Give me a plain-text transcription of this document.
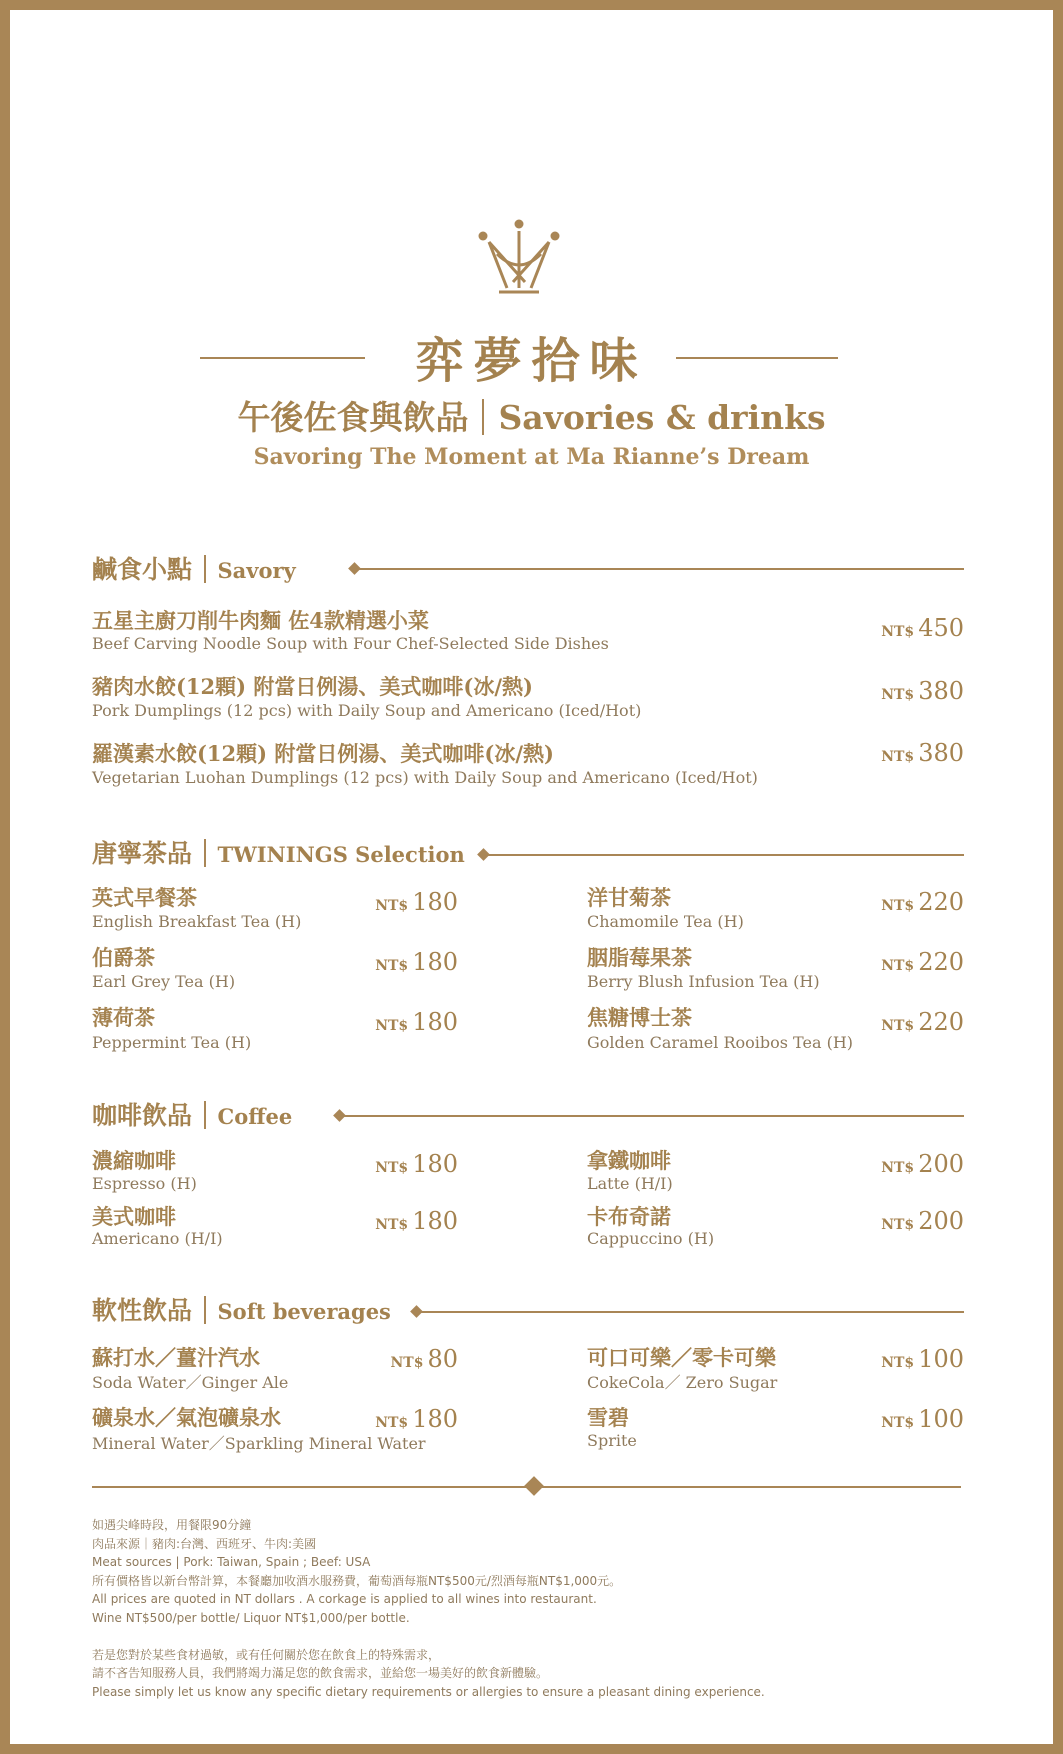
弈夢拾味
午後佐食與飲品 Savories & drinks
Savoring The Moment at Ma Rianne’s Dream
鹹食小點 Savory
五星主廚刀削牛肉麵 佐4款精選小菜
Beef Carving Noodle Soup with Four Chef-Selected Side Dishes
NT$ 450
豬肉水餃(12顆) 附當日例湯、美式咖啡(冰/熱)
Pork Dumplings (12 pcs) with Daily Soup and Americano (Iced/Hot)
NT$ 380
羅漢素水餃(12顆) 附當日例湯、美式咖啡(冰/熱)
Vegetarian Luohan Dumplings (12 pcs) with Daily Soup and Americano (Iced/Hot)
NT$ 380
唐寧茶品 TWININGS Selection
英式早餐茶
English Breakfast Tea (H)
NT$ 180
伯爵茶
Earl Grey Tea (H)
NT$ 180
薄荷茶
Peppermint Tea (H)
NT$ 180
洋甘菊茶
Chamomile Tea (H)
NT$ 220
胭脂莓果茶
Berry Blush Infusion Tea (H)
NT$ 220
焦糖博士茶
Golden Caramel Rooibos Tea (H)
NT$ 220
咖啡飲品 Coffee
濃縮咖啡
Espresso (H)
NT$ 180
美式咖啡
Americano (H/I)
NT$ 180
拿鐵咖啡
Latte (H/I)
NT$ 200
卡布奇諾
Cappuccino (H)
NT$ 200
軟性飲品 Soft beverages
蘇打水／薑汁汽水
Soda Water／Ginger Ale
NT$ 80
礦泉水／氣泡礦泉水
Mineral Water／Sparkling Mineral Water
NT$ 180
可口可樂／零卡可樂
CokeCola／ Zero Sugar
NT$ 100
雪碧
Sprite
NT$ 100
如遇尖峰時段，用餐限90分鐘
肉品來源｜豬肉:台灣、西班牙、牛肉:美國
Meat sources | Pork: Taiwan, Spain ; Beef: USA
所有價格皆以新台幣計算，本餐廳加收酒水服務費，葡萄酒每瓶NT$500元/烈酒每瓶NT$1,000元。
All prices are quoted in NT dollars . A corkage is applied to all wines into restaurant.
Wine NT$500/per bottle/ Liquor NT$1,000/per bottle.
若是您對於某些食材過敏，或有任何關於您在飲食上的特殊需求，
請不吝告知服務人員，我們將竭力滿足您的飲食需求，並給您一場美好的飲食新體驗。
Please simply let us know any specific dietary requirements or allergies to ensure a pleasant dining experience.
